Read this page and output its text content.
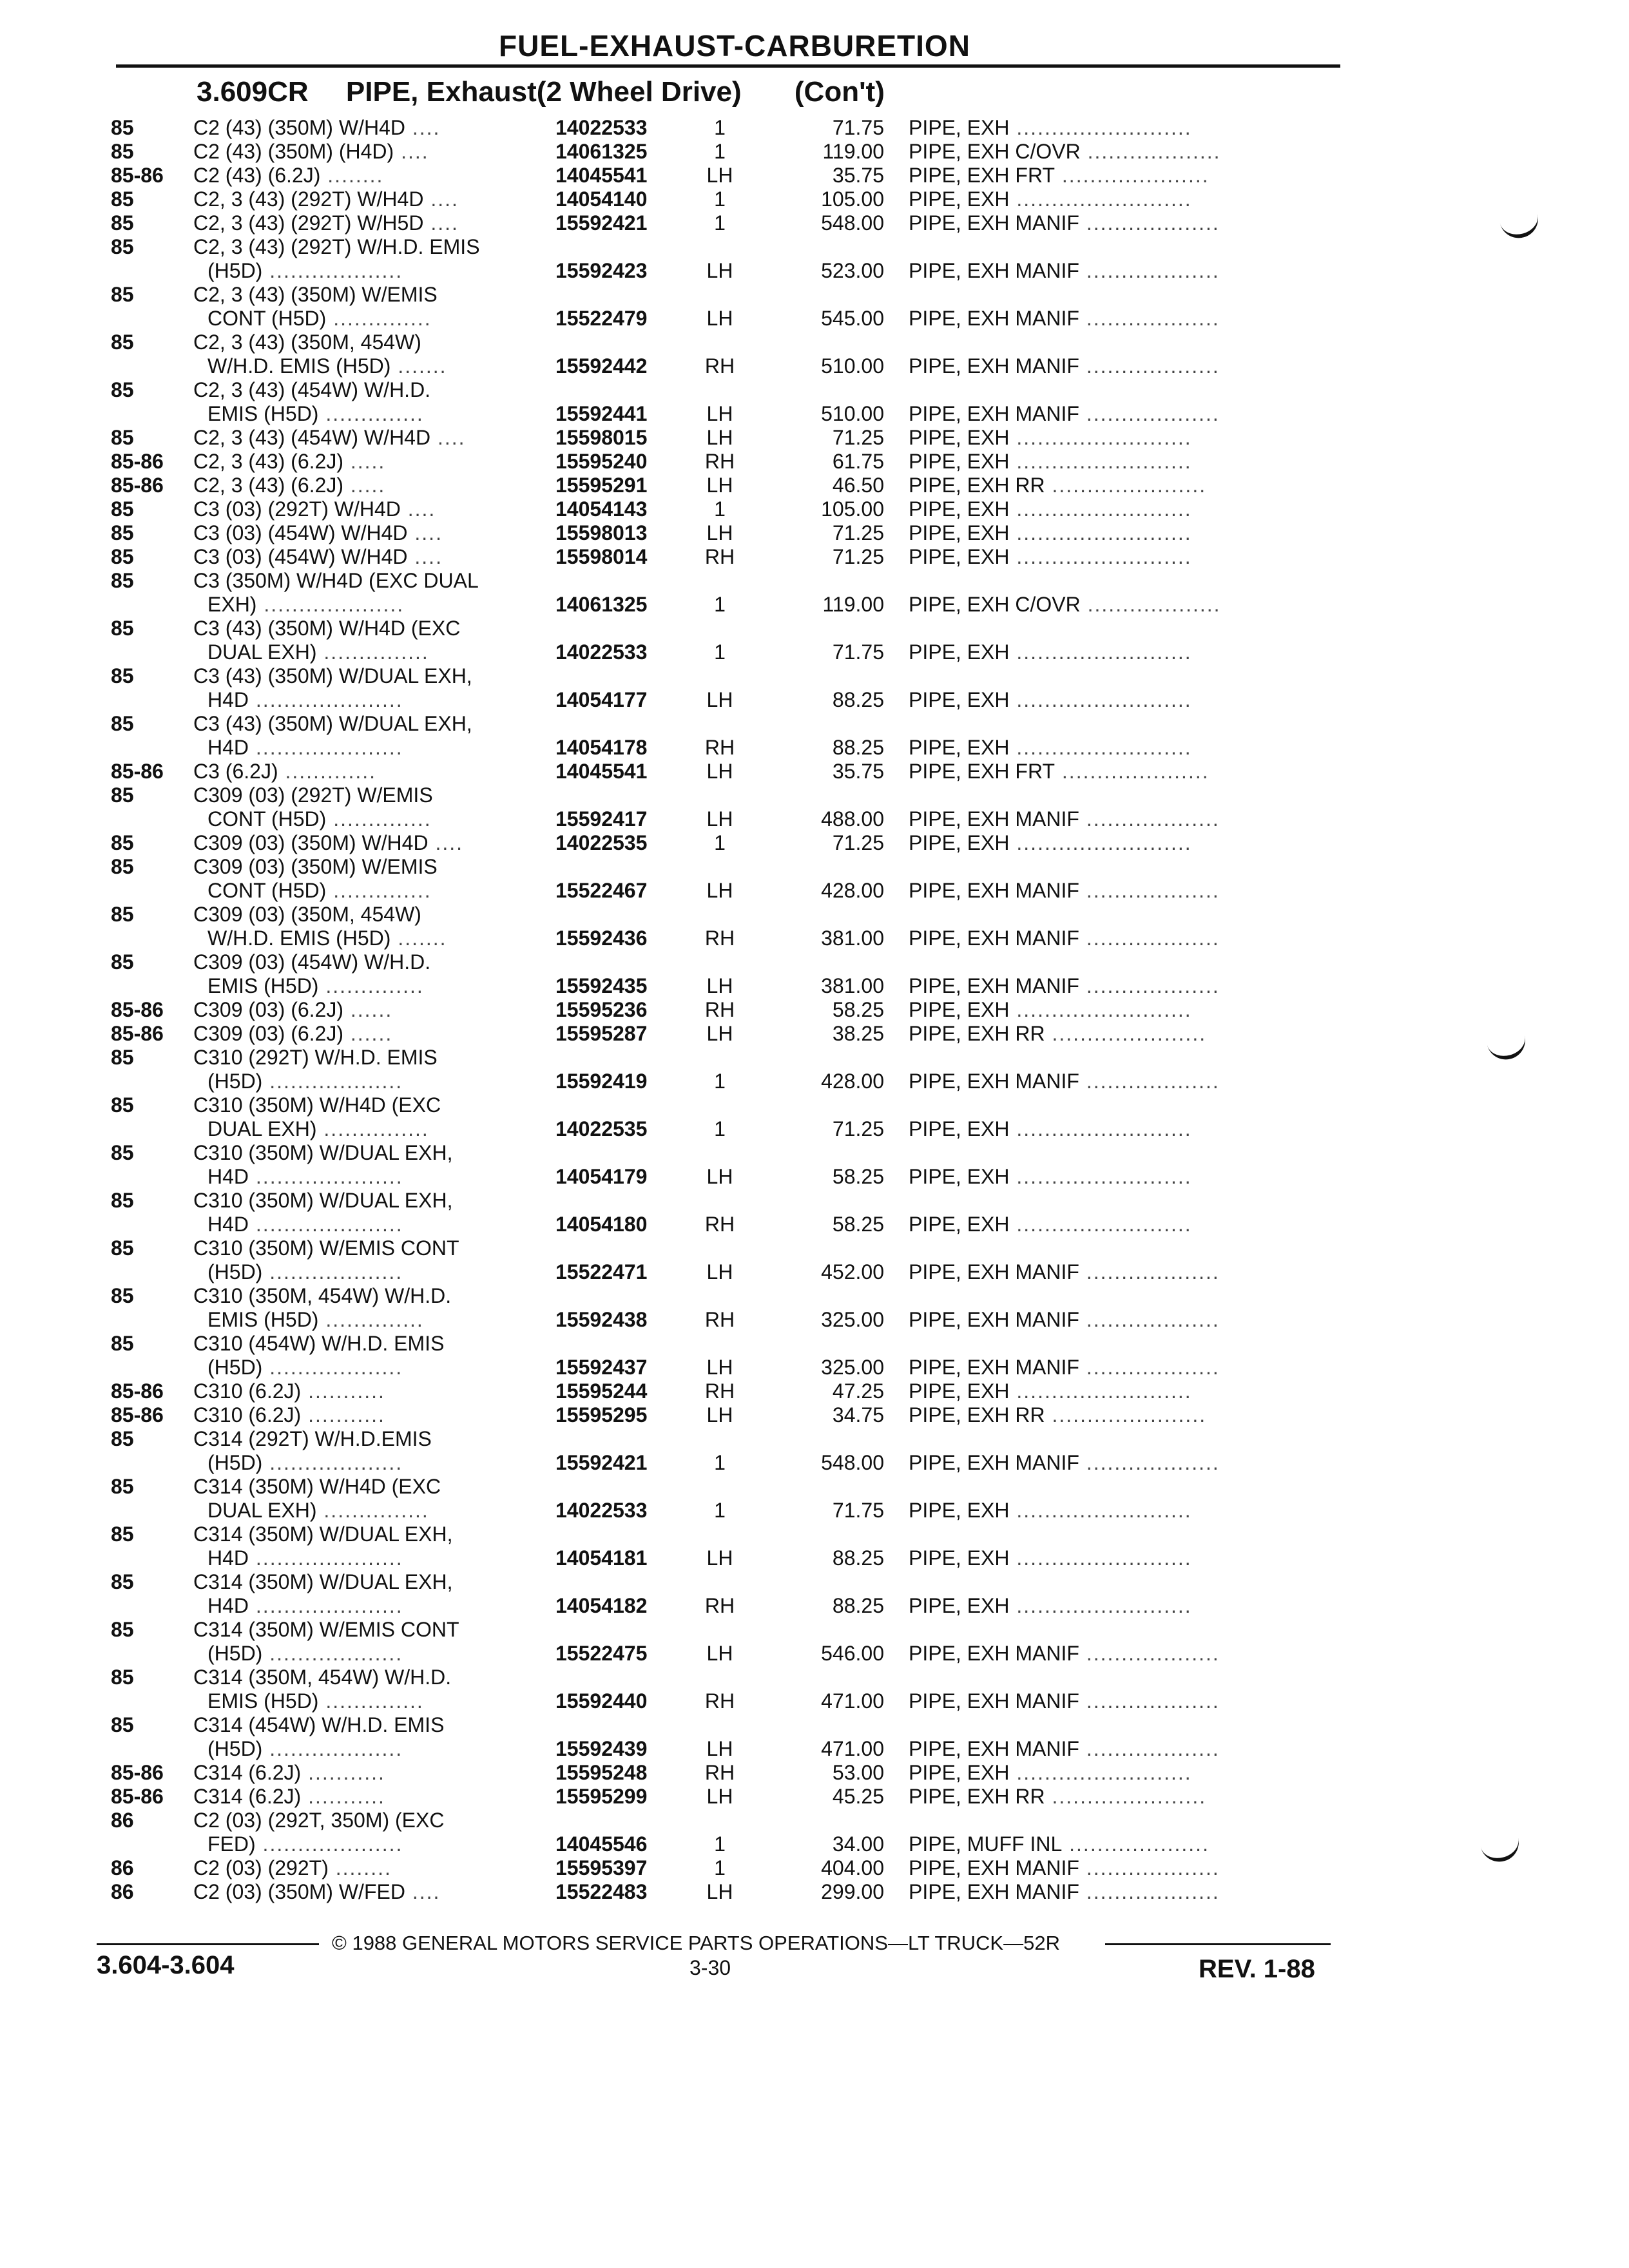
FUEL-EXHAUST-CARBURETION
3.609CR PIPE, Exhaust(2 Wheel Drive) (Con't)
85	C2 (43) (350M) W/H4D ....	14022533	1	71.75 PIPE, EXH .........................
85	C2 (43) (350M) (H4D) ....	14061325	1	119.00 PIPE, EXH C/OVR ...................
85-86 C2 (43) (6.2J) ........	14045541	LH	35.75 PIPE, EXH FRT .....................
85	C2, 3 (43) (292T) W/H4D ....	14054140	1	105.00 PIPE, EXH .........................
85	C2, 3 (43) (292T) W/H5D ....	15592421	1	548.00 PIPE, EXH MANIF ...................
85	C2, 3 (43) (292T) W/H.D. EMIS
(H5D) ...................	15592423	LH	523.00 PIPE, EXH MANIF ...................
85	C2, 3 (43) (350M) W/EMIS
CONT (H5D) ..............	15522479	LH	545.00 PIPE, EXH MANIF ...................
85	C2, 3 (43) (350M, 454W)
W/H.D. EMIS (H5D) .......	15592442	RH	510.00 PIPE, EXH MANIF ...................
85	C2, 3 (43) (454W) W/H.D.
EMIS (H5D) ..............	15592441	LH	510.00 PIPE, EXH MANIF ...................
85	C2, 3 (43) (454W) W/H4D ....	15598015	LH	71.25 PIPE, EXH .........................
85-86 C2, 3 (43) (6.2J) .....	15595240	RH	61.75 PIPE, EXH .........................
85-86 C2, 3 (43) (6.2J) .....	15595291	LH	46.50 PIPE, EXH RR ......................
85	C3 (03) (292T) W/H4D ....	14054143	1	105.00 PIPE, EXH .........................
85	C3 (03) (454W) W/H4D ....	15598013	LH	71.25 PIPE, EXH .........................
85	C3 (03) (454W) W/H4D ....	15598014	RH	71.25 PIPE, EXH .........................
85	C3 (350M) W/H4D (EXC DUAL
EXH) ....................	14061325	1	119.00 PIPE, EXH C/OVR ...................
85	C3 (43) (350M) W/H4D (EXC
DUAL EXH) ...............	14022533	1	71.75 PIPE, EXH .........................
85	C3 (43) (350M) W/DUAL EXH,
H4D .....................	14054177	LH	88.25 PIPE, EXH .........................
85	C3 (43) (350M) W/DUAL EXH,
H4D .....................	14054178	RH	88.25 PIPE, EXH .........................
85-86 C3 (6.2J) .............	14045541	LH	35.75 PIPE, EXH FRT .....................
85	C309 (03) (292T) W/EMIS
CONT (H5D) ..............	15592417	LH	488.00 PIPE, EXH MANIF ...................
85	C309 (03) (350M) W/H4D ....	14022535	1	71.25 PIPE, EXH .........................
85	C309 (03) (350M) W/EMIS
CONT (H5D) ..............	15522467	LH	428.00 PIPE, EXH MANIF ...................
85	C309 (03) (350M, 454W)
W/H.D. EMIS (H5D) .......	15592436	RH	381.00 PIPE, EXH MANIF ...................
85	C309 (03) (454W) W/H.D.
EMIS (H5D) ..............	15592435	LH	381.00 PIPE, EXH MANIF ...................
85-86 C309 (03) (6.2J) ......	15595236	RH	58.25 PIPE, EXH .........................
85-86 C309 (03) (6.2J) ......	15595287	LH	38.25 PIPE, EXH RR ......................
85	C310 (292T) W/H.D. EMIS
(H5D) ...................	15592419	1	428.00 PIPE, EXH MANIF ...................
85	C310 (350M) W/H4D (EXC
DUAL EXH) ...............	14022535	1	71.25 PIPE, EXH .........................
85	C310 (350M) W/DUAL EXH,
H4D .....................	14054179	LH	58.25 PIPE, EXH .........................
85	C310 (350M) W/DUAL EXH,
H4D .....................	14054180	RH	58.25 PIPE, EXH .........................
85	C310 (350M) W/EMIS CONT
(H5D) ...................	15522471	LH	452.00 PIPE, EXH MANIF ...................
85	C310 (350M, 454W) W/H.D.
EMIS (H5D) ..............	15592438	RH	325.00 PIPE, EXH MANIF ...................
85	C310 (454W) W/H.D. EMIS
(H5D) ...................	15592437	LH	325.00 PIPE, EXH MANIF ...................
85-86 C310 (6.2J) ...........	15595244	RH	47.25 PIPE, EXH .........................
85-86 C310 (6.2J) ...........	15595295	LH	34.75 PIPE, EXH RR ......................
85	C314 (292T) W/H.D.EMIS
(H5D) ...................	15592421	1	548.00 PIPE, EXH MANIF ...................
85	C314 (350M) W/H4D (EXC
DUAL EXH) ...............	14022533	1	71.75 PIPE, EXH .........................
85	C314 (350M) W/DUAL EXH,
H4D .....................	14054181	LH	88.25 PIPE, EXH .........................
85	C314 (350M) W/DUAL EXH,
H4D .....................	14054182	RH	88.25 PIPE, EXH .........................
85	C314 (350M) W/EMIS CONT
(H5D) ...................	15522475	LH	546.00 PIPE, EXH MANIF ...................
85	C314 (350M, 454W) W/H.D.
EMIS (H5D) ..............	15592440	RH	471.00 PIPE, EXH MANIF ...................
85	C314 (454W) W/H.D. EMIS
(H5D) ...................	15592439	LH	471.00 PIPE, EXH MANIF ...................
85-86 C314 (6.2J) ...........	15595248	RH	53.00 PIPE, EXH .........................
85-86 C314 (6.2J) ...........	15595299	LH	45.25 PIPE, EXH RR ......................
86	C2 (03) (292T, 350M) (EXC
FED) ....................	14045546	1	34.00 PIPE, MUFF INL ....................
86	C2 (03) (292T) ........	15595397	1	404.00 PIPE, EXH MANIF ...................
86	C2 (03) (350M) W/FED ....	15522483	LH	299.00 PIPE, EXH MANIF ...................
© 1988 GENERAL MOTORS SERVICE PARTS OPERATIONS—LT TRUCK—52R
3.604-3.604	3-30	REV. 1-88
